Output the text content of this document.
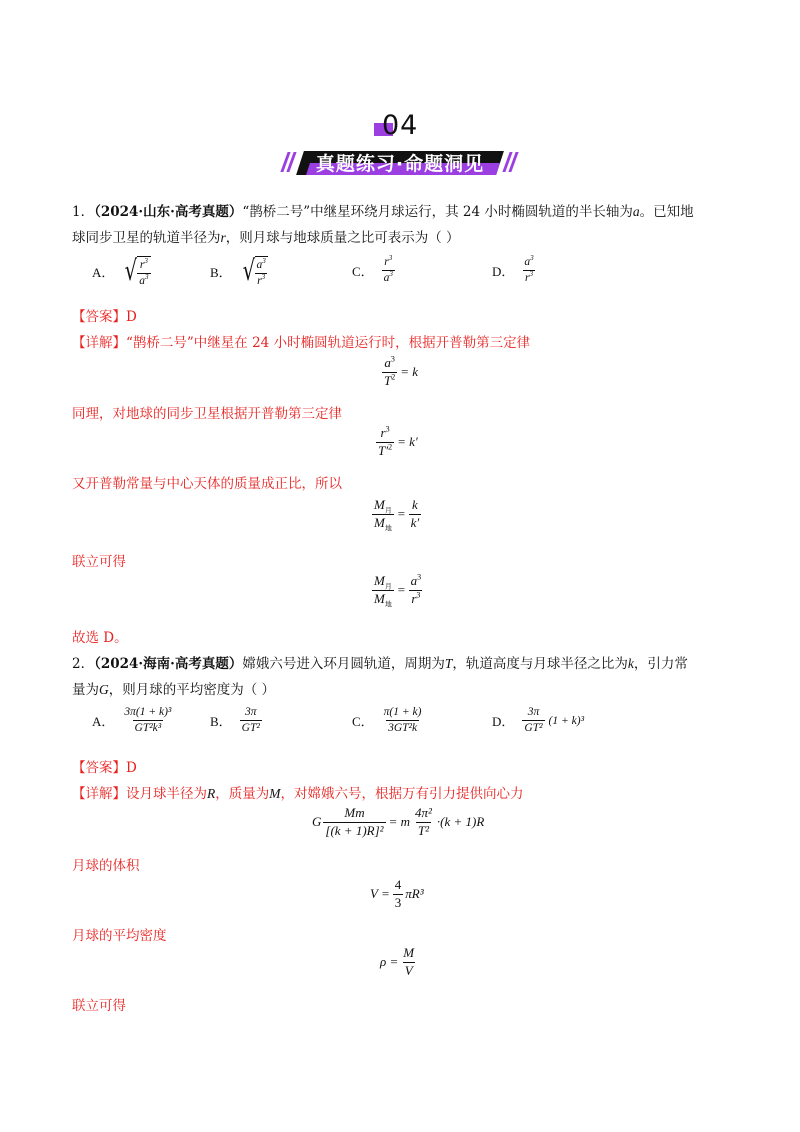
04
真题练习·命题洞见
1．（2024·山东·高考真题）“鹊桥二号”中继星环绕月球运行，其 24 小时椭圆轨道的半长轴为a。已知地
球同步卫星的轨道半径为r，则月球与地球质量之比可表示为（ ）
A． √ $\frac{r^3}{a^3}$	B． √ $\frac{a^3}{r^3}$	C． $\frac{r^3}{a^3}$	D． $\frac{a^3}{r^3}$
【答案】D
【详解】“鹊桥二号”中继星在 24 小时椭圆轨道运行时，根据开普勒第三定律
$\frac{a^3}{T^2} = k$
同理，对地球的同步卫星根据开普勒第三定律
$\frac{r^3}{T'^2} = k'$
又开普勒常量与中心天体的质量成正比，所以
$\frac{M_月}{M_地} = \frac{k}{k'}$
联立可得
$\frac{M_月}{M_地} = \frac{a^3}{r^3}$
故选 D。
2．（2024·海南·高考真题）嫦娥六号进入环月圆轨道，周期为T，轨道高度与月球半径之比为k，引力常
量为G，则月球的平均密度为（ ）
A． $\frac{\text{3π(1 + k)³}}{\text{GT²k³}}$	B． $\frac{3\pi}{\text{GT²}}$	C． $\frac{\pi(1 + k)}{\text{3GT²k}}$	D． $\frac{3\pi}{\text{GT²}} (1 + k)^3$
【答案】D
【详解】设月球半径为R，质量为M，对嫦娥六号，根据万有引力提供向心力
G $\frac{Mm}{\text{[(k + 1)R]²}} = m \frac{\text{4π²}}{\text{T²}} \cdot(k + 1)R$
月球的体积
$V = \frac{4}{3} \pi R^3$
月球的平均密度
$\rho = \frac{M}{V}$
联立可得
